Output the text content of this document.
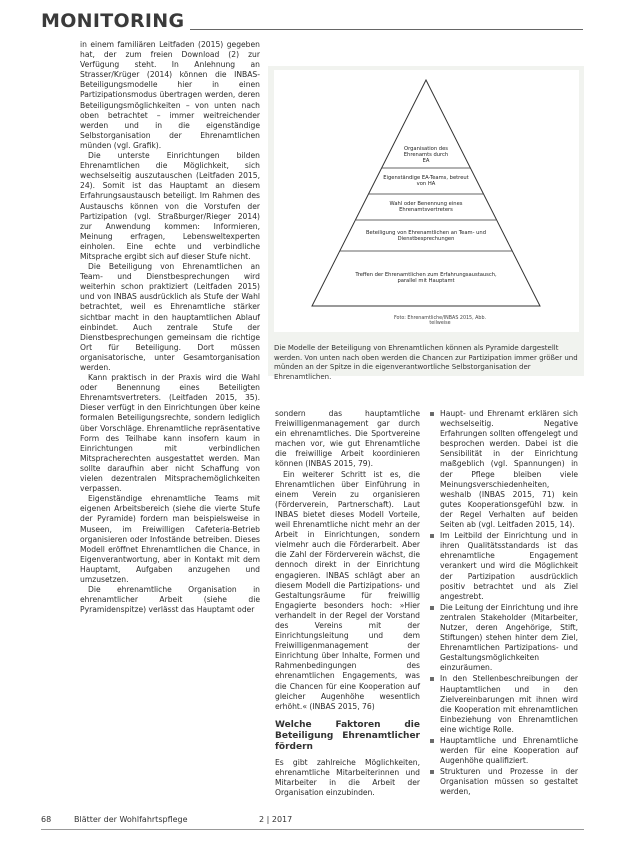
MONITORING

in einem familiären Leitfaden (2015) gegeben hat, der zum freien Download (2) zur Verfügung steht. In Anlehnung an Strasser/Krüger (2014) können die INBAS-Beteiligungsmodelle hier in einen Partizipationsmodus übertragen werden, deren Beteiligungsmöglichkeiten – von unten nach oben betrachtet – immer weitreichender werden und in die eigenständige Selbstorganisation der Ehrenamtlichen münden (vgl. Grafik).

Die unterste Einrichtungen bilden Ehrenamtlichen die Möglichkeit, sich wechselseitig auszutauschen (Leitfaden 2015, 24). Somit ist das Hauptamt an diesem Erfahrungsaustausch beteiligt. Im Rahmen des Austauschs können von die Vorstufen der Partizipation (vgl. Straßburger/Rieger 2014) zur Anwendung kommen: Informieren, Meinung erfragen, Lebensweltexperten einholen. Eine echte und verbindliche Mitsprache ergibt sich auf dieser Stufe nicht.

Die Beteiligung von Ehrenamtlichen an Team- und Dienstbesprechungen wird weiterhin schon praktiziert (Leitfaden 2015) und von INBAS ausdrücklich als Stufe der Wahl betrachtet, weil es Ehrenamtliche stärker sichtbar macht in den hauptamtlichen Ablauf einbindet. Auch zentrale Stufe der Dienstbesprechungen gemeinsam die richtige Ort für Beteiligung. Dort müssen organisatorische, unter Gesamtorganisation werden.

Kann praktisch in der Praxis wird die Wahl oder Benennung eines Beteiligten Ehrenamtsvertreters. (Leitfaden 2015, 35). Dieser verfügt in den Einrichtungen über keine formalen Beteiligungsrechte, sondern lediglich über Vorschläge. Ehrenamtliche repräsentative Form des Teilhabe kann insofern kaum in Einrichtungen mit verbindlichen Mitspracherechten ausgestattet werden. Man sollte daraufhin aber nicht Schaffung von vielen dezentralen Mitsprachemöglichkeiten verpassen.

Eigenständige ehrenamtliche Teams mit eigenen Arbeitsbereich (siehe die vierte Stufe der Pyramide) fordern man beispielsweise in Museen, im Freiwilligen Cafeteria-Betrieb organisieren oder Infostände betreiben. Dieses Modell eröffnet Ehrenamtlichen die Chance, in Eigenverantwortung, aber in Kontakt mit dem Hauptamt, Aufgaben anzugehen und umzusetzen.

Die ehrenamtliche Organisation in ehrenamtlicher Arbeit (siehe die Pyramidenspitze) verlässt das Hauptamt oder

Organisation des Ehrenamts durch EA
Eigenständige EA-Teams, betreut von HA
Wahl oder Benennung eines Ehrenamtsvertreters
Beteiligung von Ehrenamtlichen an Team- und Dienstbesprechungen
Treffen der Ehrenamtlichen zum Erfahrungsaustausch, parallel mit Hauptamt
Foto: Ehrenamtliche/INBAS 2015, Abb. teilweise
Die Modelle der Beteiligung von Ehrenamtlichen können als Pyramide dargestellt werden. Von unten nach oben werden die Chancen zur Partizipation immer größer und münden an der Spitze in die eigenverantwortliche Selbstorganisation der Ehrenamtlichen.

sondern das hauptamtliche Freiwilligenmanagement gar durch ein ehrenamtliches. Die Sportvereine machen vor, wie gut Ehrenamtliche die freiwillige Arbeit koordinieren können (INBAS 2015, 79).

Ein weiterer Schritt ist es, die Ehrenamtlichen über Einführung in einem Verein zu organisieren (Förderverein, Partnerschaft). Laut INBAS bietet dieses Modell Vorteile, weil Ehrenamtliche nicht mehr an der Arbeit in Einrichtungen, sondern vielmehr auch die Förderarbeit. Aber die Zahl der Förderverein wächst, die dennoch direkt in der Einrichtung engagieren. INBAS schlägt aber an diesem Modell die Partizipations- und Gestaltungsräume für freiwillig Engagierte besonders hoch: »Hier verhandelt in der Regel der Vorstand des Vereins mit der Einrichtungsleitung und dem Freiwilligenmanagement der Einrichtung über Inhalte, Formen und Rahmenbedingungen des ehrenamtlichen Engagements, was die Chancen für eine Kooperation auf gleicher Augenhöhe wesentlich erhöht.« (INBAS 2015, 76)

Welche Faktoren die Beteiligung Ehrenamtlicher fördern

Es gibt zahlreiche Möglichkeiten, ehrenamtliche Mitarbeiterinnen und Mitarbeiter in die Arbeit der Organisation einzubinden.

Haupt- und Ehrenamt erklären sich wechselseitig. Negative Erfahrungen sollten offengelegt und besprochen werden. Dabei ist die Sensibilität in der Einrichtung maßgeblich (vgl. Spannungen) in der Pflege bleiben viele Meinungsverschiedenheiten, weshalb (INBAS 2015, 71) kein gutes Kooperationsgefühl bzw. in der Regel Verhalten auf beiden Seiten ab (vgl. Leitfaden 2015, 14).
Im Leitbild der Einrichtung und in ihren Qualitätsstandards ist das ehrenamtliche Engagement verankert und wird die Möglichkeit der Partizipation ausdrücklich positiv betrachtet und als Ziel angestrebt.
Die Leitung der Einrichtung und ihre zentralen Stakeholder (Mitarbeiter, Nutzer, deren Angehörige, Stift, Stiftungen) stehen hinter dem Ziel, Ehrenamtlichen Partizipations- und Gestaltungsmöglichkeiten einzuräumen.
In den Stellenbeschreibungen der Hauptamtlichen und in den Zielvereinbarungen mit ihnen wird die Kooperation mit ehrenamtlichen Einbeziehung von Ehrenamtlichen eine wichtige Rolle.
Hauptamtliche und Ehrenamtliche werden für eine Kooperation auf Augenhöhe qualifiziert.
Strukturen und Prozesse in der Organisation müssen so gestaltet werden,
68	Blätter der Wohlfahrtspflege	2 | 2017
